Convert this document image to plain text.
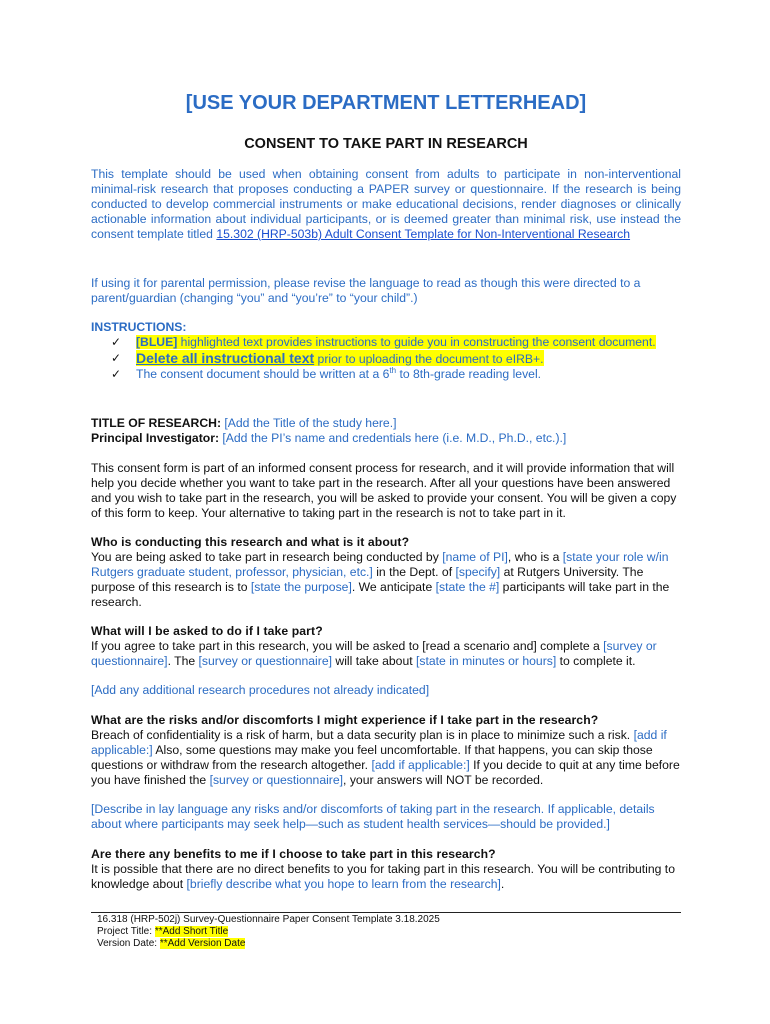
[USE YOUR DEPARTMENT LETTERHEAD]
CONSENT TO TAKE PART IN RESEARCH
This template should be used when obtaining consent from adults to participate in non-interventional minimal-risk research that proposes conducting a PAPER survey or questionnaire. If the research is being conducted to develop commercial instruments or make educational decisions, render diagnoses or clinically actionable information about individual participants, or is deemed greater than minimal risk, use instead the consent template titled 15.302 (HRP-503b) Adult Consent Template for Non-Interventional Research
If using it for parental permission, please revise the language to read as though this were directed to a parent/guardian (changing “you” and “you’re” to “your child”.)
INSTRUCTIONS:
✓	[BLUE] highlighted text provides instructions to guide you in constructing the consent document.
✓	Delete all instructional text prior to uploading the document to eIRB+.
✓	The consent document should be written at a 6th to 8th-grade reading level.
TITLE OF RESEARCH: [Add the Title of the study here.]
Principal Investigator: [Add the PI’s name and credentials here (i.e. M.D., Ph.D., etc.).]
This consent form is part of an informed consent process for research, and it will provide information that will help you decide whether you want to take part in the research. After all your questions have been answered and you wish to take part in the research, you will be asked to provide your consent. You will be given a copy of this form to keep. Your alternative to taking part in the research is not to take part in it.
Who is conducting this research and what is it about?
You are being asked to take part in research being conducted by [name of PI], who is a [state your role w/in Rutgers graduate student, professor, physician, etc.] in the Dept. of [specify] at Rutgers University. The purpose of this research is to [state the purpose]. We anticipate [state the #] participants will take part in the research.
What will I be asked to do if I take part?
If you agree to take part in this research, you will be asked to [read a scenario and] complete a [survey or questionnaire]. The [survey or questionnaire] will take about [state in minutes or hours] to complete it.
[Add any additional research procedures not already indicated]
What are the risks and/or discomforts I might experience if I take part in the research?
Breach of confidentiality is a risk of harm, but a data security plan is in place to minimize such a risk. [add if applicable:] Also, some questions may make you feel uncomfortable. If that happens, you can skip those questions or withdraw from the research altogether. [add if applicable:] If you decide to quit at any time before you have finished the [survey or questionnaire], your answers will NOT be recorded.
[Describe in lay language any risks and/or discomforts of taking part in the research. If applicable, details about where participants may seek help—such as student health services—should be provided.]
Are there any benefits to me if I choose to take part in this research?
It is possible that there are no direct benefits to you for taking part in this research. You will be contributing to knowledge about [briefly describe what you hope to learn from the research].
16.318 (HRP-502j) Survey-Questionnaire Paper Consent Template 3.18.2025
Project Title: **Add Short Title
Version Date: **Add Version Date
